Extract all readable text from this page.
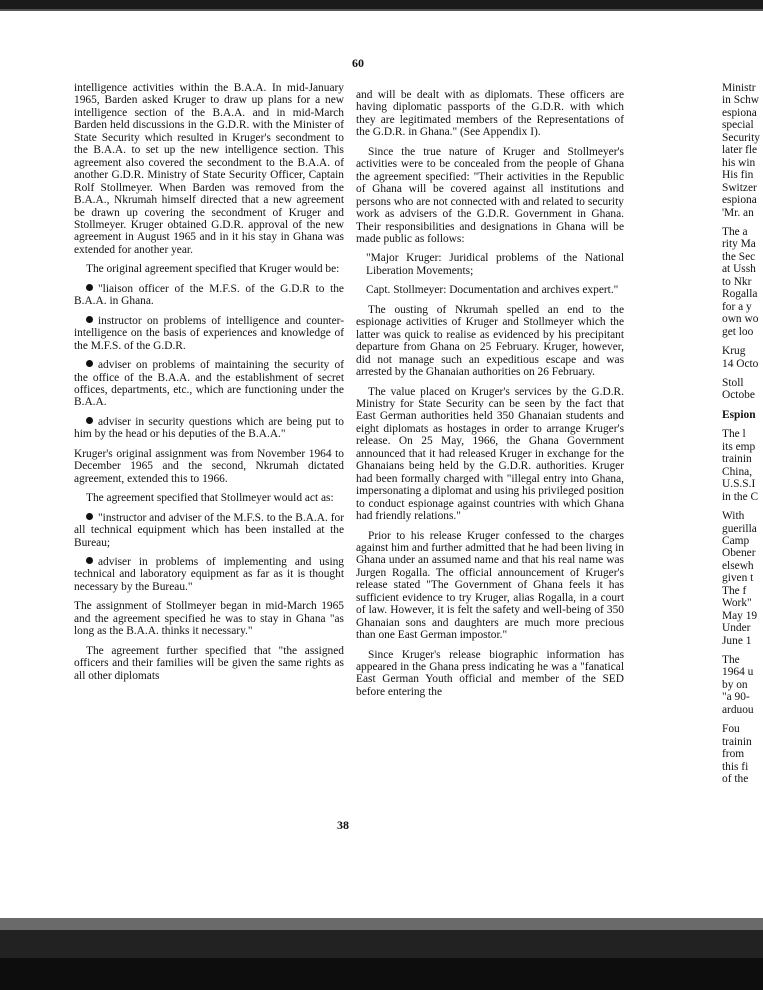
60

intelligence activities within the B.A.A. In mid-January 1965, Barden asked Kruger to draw up plans for a new intelligence section of the B.A.A. and in mid-March Barden held discussions in the G.D.R. with the Minister of State Security which resulted in Kruger's secondment to the B.A.A. to set up the new intelligence section. This agreement also covered the secondment to the B.A.A. of another G.D.R. Ministry of State Security Officer, Captain Rolf Stollmeyer. When Barden was removed from the B.A.A., Nkrumah himself directed that a new agreement be drawn up covering the secondment of Kruger and Stollmeyer. Kruger obtained G.D.R. approval of the new agreement in August 1965 and in it his stay in Ghana was extended for another year.

The original agreement specified that Kruger would be:

"liaison officer of the M.F.S. of the G.D.R to the B.A.A. in Ghana.

instructor on problems of intelligence and counter-intelligence on the basis of experiences and knowledge of the M.F.S. of the G.D.R.

adviser on problems of maintaining the security of the office of the B.A.A. and the establishment of secret offices, departments, etc., which are functioning under the B.A.A.

adviser in security questions which are being put to him by the head or his deputies of the B.A.A."

Kruger's original assignment was from November 1964 to December 1965 and the second, Nkrumah dictated agreement, extended this to 1966.

The agreement specified that Stollmeyer would act as:

"instructor and adviser of the M.F.S. to the B.A.A. for all technical equipment which has been installed at the Bureau;

adviser in problems of implementing and using technical and laboratory equipment as far as it is thought necessary by the Bureau."

The assignment of Stollmeyer began in mid-March 1965 and the agreement specified he was to stay in Ghana "as long as the B.A.A. thinks it necessary."

The agreement further specified that "the assigned officers and their families will be given the same rights as all other diplomats

and will be dealt with as diplomats. These officers are having diplomatic passports of the G.D.R. with which they are legitimated members of the Representations of the G.D.R. in Ghana." (See Appendix I).

Since the true nature of Kruger and Stollmeyer's activities were to be concealed from the people of Ghana the agreement specified: "Their activities in the Republic of Ghana will be covered against all institutions and persons who are not connected with and related to security work as advisers of the G.D.R. Government in Ghana. Their responsibilities and designations in Ghana will be made public as follows:

"Major Kruger: Juridical problems of the National Liberation Movements;

Capt. Stollmeyer: Documentation and archives expert."

The ousting of Nkrumah spelled an end to the espionage activities of Kruger and Stollmeyer which the latter was quick to realise as evidenced by his precipitant departure from Ghana on 25 February. Kruger, however, did not manage such an expeditious escape and was arrested by the Ghanaian authorities on 26 February.

The value placed on Kruger's services by the G.D.R. Ministry for State Security can be seen by the fact that East German authorities held 350 Ghanaian students and eight diplomats as hostages in order to arrange Kruger's release. On 25 May, 1966, the Ghana Government announced that it had released Kruger in exchange for the Ghanaians being held by the G.D.R. authorities. Kruger had been formally charged with "illegal entry into Ghana, impersonating a diplomat and using his privileged position to conduct espionage against countries with which Ghana had friendly relations."

Prior to his release Kruger confessed to the charges against him and further admitted that he had been living in Ghana under an assumed name and that his real name was Jurgen Rogalla. The official announcement of Kruger's release stated "The Government of Ghana feels it has sufficient evidence to try Kruger, alias Rogalla, in a court of law. However, it is felt the safety and well-being of 350 Ghanaian sons and daughters are much more precious than one East German impostor."

Since Kruger's release biographic information has appeared in the Ghana press indicating he was a "fanatical East German Youth official and member of the SED before entering the

Ministr
in Schw
espiona
special
Security
later fle
his win
His fin
Switzer
espiona
'Mr. an
The a
rity Ma
the Sec
at Ussh
to Nkr
Rogalla
for a y
own wo
get loo
Krug
14 Octo
Stoll
Octobe
Espion
The l
its emp
trainin
China,
U.S.S.I
in the C
With
guerilla
Camp
Obener
elsewh
given t
The f
Work"
May 19
Under
June 1
The
1964 u
by on
"a 90-
arduou
Fou
trainin
from
this fi
of the
38
